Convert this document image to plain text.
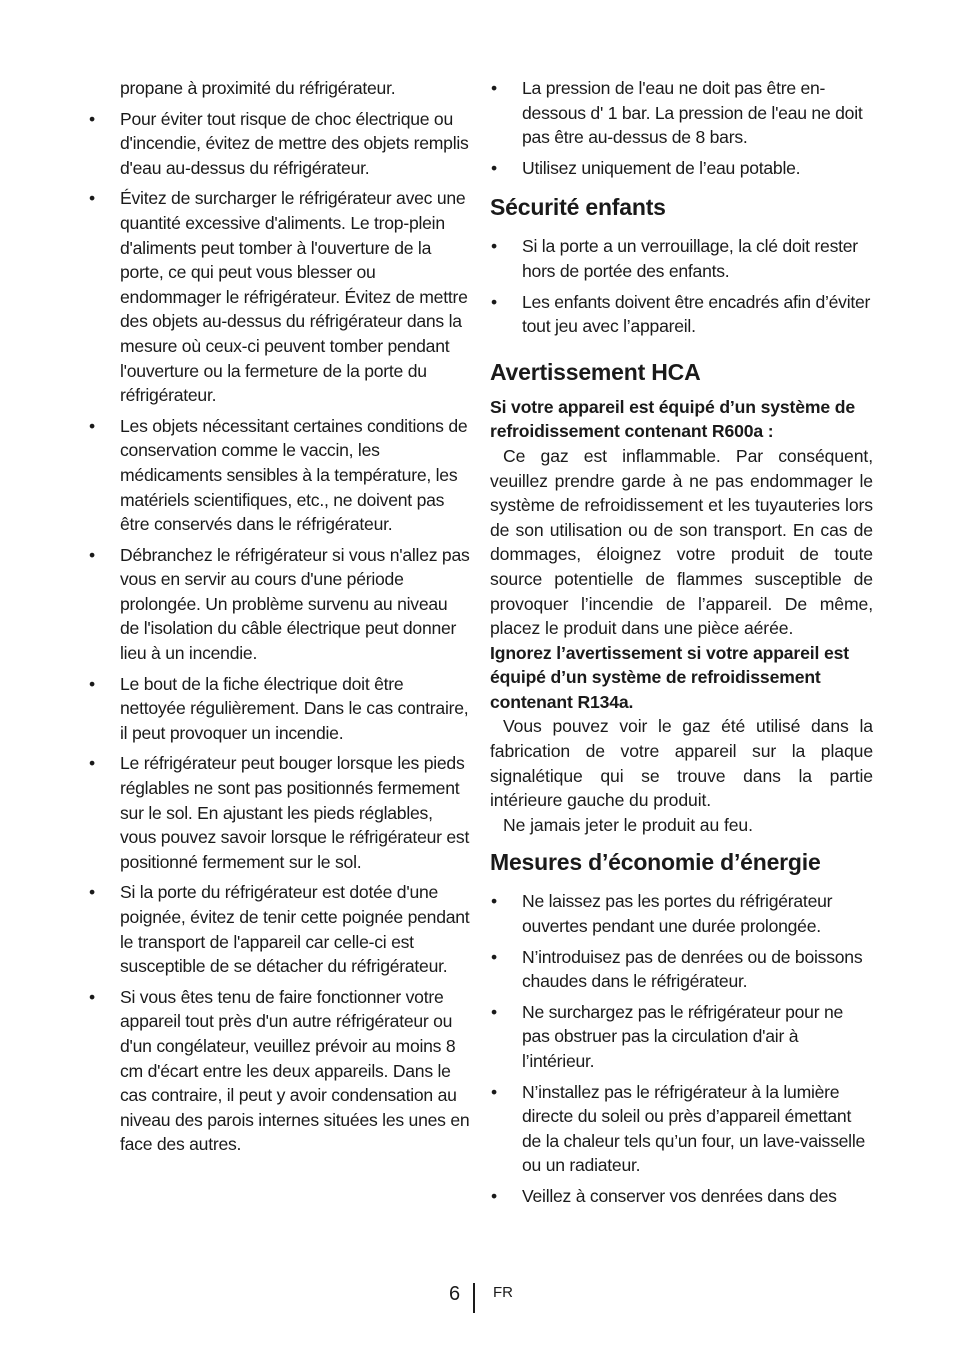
propane à proximité du réfrigérateur.
• Pour éviter tout risque de choc électrique ou d'incendie, évitez de mettre des objets remplis d'eau au-dessus du réfrigérateur.
• Évitez de surcharger le réfrigérateur avec une quantité excessive d'aliments. Le trop-plein d'aliments peut tomber à l'ouverture de la porte, ce qui peut vous blesser ou endommager le réfrigérateur. Évitez de mettre des objets au-dessus du réfrigérateur dans la mesure où ceux-ci peuvent tomber pendant l'ouverture ou la fermeture de la porte du réfrigérateur.
• Les objets nécessitant certaines conditions de conservation comme le vaccin, les médicaments sensibles à la température, les matériels scientifiques, etc., ne doivent pas être conservés dans le réfrigérateur.
• Débranchez le réfrigérateur si vous n'allez pas vous en servir au cours d'une période prolongée. Un problème survenu au niveau de l'isolation du câble électrique peut donner lieu à un incendie.
• Le bout de la fiche électrique doit être nettoyée régulièrement. Dans le cas contraire, il peut provoquer un incendie.
• Le réfrigérateur peut bouger lorsque les pieds réglables ne sont pas positionnés fermement sur le sol. En ajustant les pieds réglables, vous pouvez savoir lorsque le réfrigérateur est positionné fermement sur le sol.
• Si la porte du réfrigérateur est dotée d'une poignée, évitez de tenir cette poignée pendant le transport de l'appareil car celle-ci est susceptible de se détacher du réfrigérateur.
• Si vous êtes tenu de faire fonctionner votre appareil tout près d'un autre réfrigérateur ou d'un congélateur, veuillez prévoir au moins 8 cm d'écart entre les deux appareils. Dans le cas contraire, il peut y avoir condensation au niveau des parois internes situées les unes en face des autres.
• La pression de l'eau ne doit pas être en-dessous d' 1 bar. La pression de l'eau ne doit pas être au-dessus de 8 bars.
• Utilisez uniquement de l’eau potable.
Sécurité enfants
• Si la porte a un verrouillage, la clé doit rester hors de portée des enfants.
• Les enfants doivent être encadrés afin d’éviter tout jeu avec l’appareil.
Avertissement HCA

Si votre appareil est équipé d’un système de refroidissement contenant R600a :

Ce gaz est inflammable. Par conséquent, veuillez prendre garde à ne pas endommager le système de refroidissement et les tuyauteries lors de son utilisation ou de son transport. En cas de dommages, éloignez votre produit de toute source potentielle de flammes susceptible de provoquer l’incendie de l’appareil. De même, placez le produit dans une pièce aérée.

Ignorez l’avertissement si votre appareil est équipé d’un système de refroidissement contenant R134a.

Vous pouvez voir le gaz été utilisé dans la fabrication de votre appareil sur la plaque signalétique qui se trouve dans la partie intérieure gauche du produit.

Ne jamais jeter le produit au feu.

Mesures d’économie d’énergie
• Ne laissez pas les portes du réfrigérateur ouvertes pendant une durée prolongée.
• N’introduisez pas de denrées ou de boissons chaudes dans le réfrigérateur.
• Ne surchargez pas le réfrigérateur pour ne pas obstruer pas la circulation d'air à l’intérieur.
• N’installez pas le réfrigérateur à la lumière directe du soleil ou près d’appareil émettant de la chaleur tels qu’un four, un lave-vaisselle ou un radiateur.
• Veillez à conserver vos denrées dans des
6 FR
